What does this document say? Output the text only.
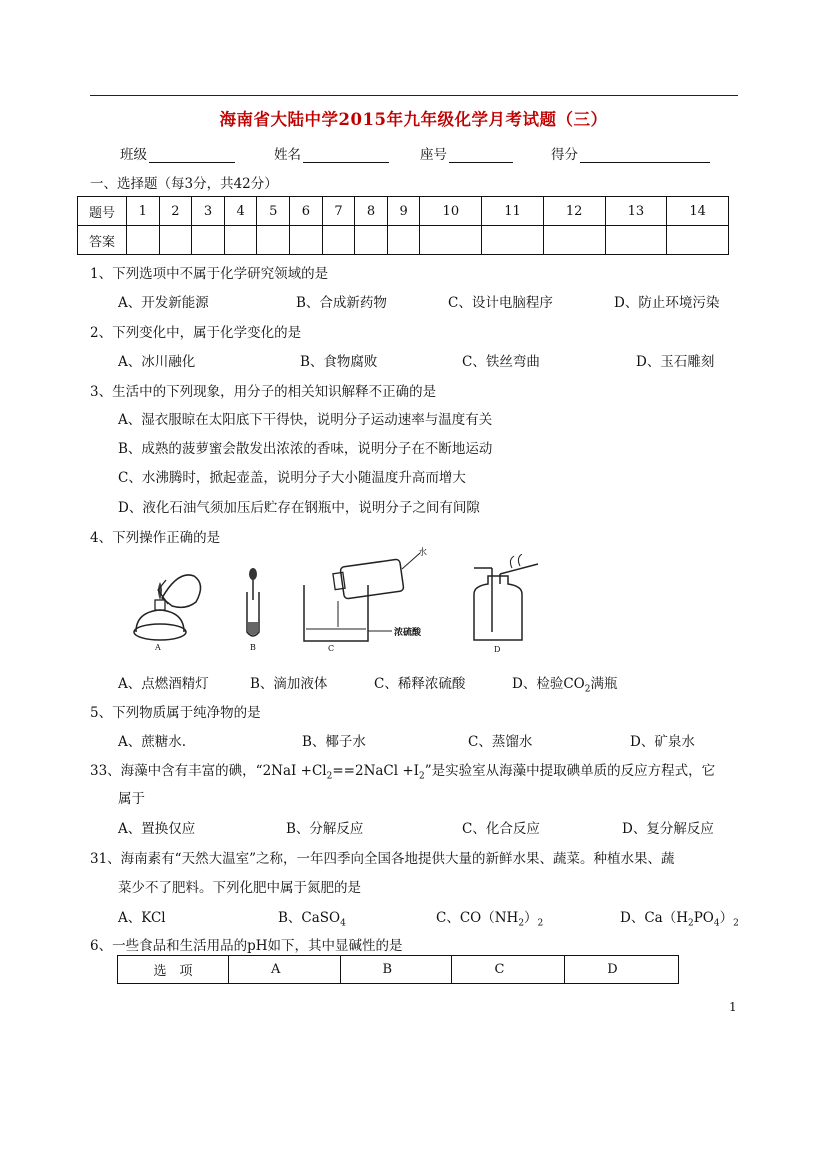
海南省大陆中学2015年九年级化学月考试题（三）
班级	姓名	座号	得分
一、选择题（每3分，共42分）
题号	1	2	3	4	5	6	7	8	9	10	11	12	13	14
答案														
1、下列选项中不属于化学研究领域的是
A、开发新能源	B、合成新药物	C、设计电脑程序	D、防止环境污染
2、下列变化中，属于化学变化的是
A、冰川融化	B、食物腐败	C、铁丝弯曲	D、玉石雕刻
3、生活中的下列现象，用分子的相关知识解释不正确的是
A、湿衣服晾在太阳底下干得快，说明分子运动速率与温度有关
B、成熟的菠萝蜜会散发出浓浓的香味，说明分子在不断地运动
C、水沸腾时，掀起壶盖，说明分子大小随温度升高而增大
D、液化石油气须加压后贮存在钢瓶中，说明分子之间有间隙
4、下列操作正确的是
A	B
水
浓硫酸
C	D
A、点燃酒精灯	B、滴加液体	C、稀释浓硫酸	D、检验$CO_2$满瓶
5、下列物质属于纯净物的是
A、蔗糖水.	B、椰子水	C、蒸馏水	D、矿泉水
33、海藻中含有丰富的碘，“$2NaI +Cl_2==2NaCl +I_2$”是实验室从海藻中提取碘单质的反应方程式，它
属于
A、置换仅应	B、分解反应	C、化合反应	D、复分解反应
31、海南素有“天然大温室”之称，一年四季向全国各地提供大量的新鲜水果、蔬菜。种植水果、蔬
菜少不了肥料。下列化肥中属于氮肥的是
A、KCl	B、CaSO$_4$	C、$CO(NH_2)_2$	D、$Ca(H_2PO_4)_2$
6、一些食品和生活用品的pH如下，其中显碱性的是
选　项	A	B	C	D
1
